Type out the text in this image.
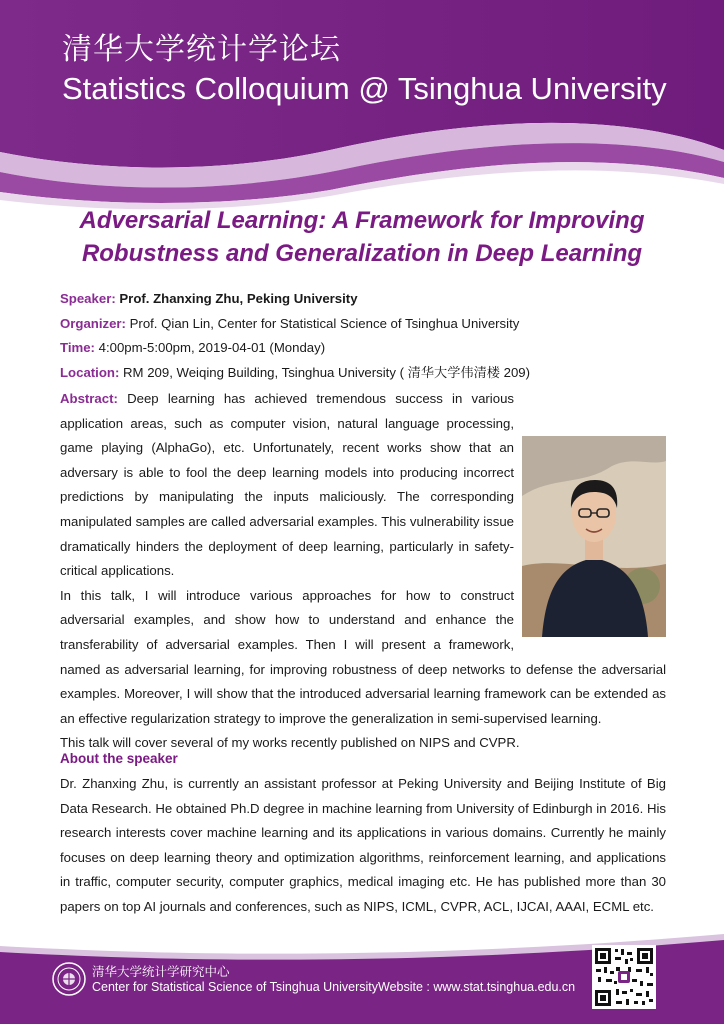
清华大学统计学论坛
Statistics Colloquium @ Tsinghua University
Adversarial Learning: A Framework for Improving
Robustness and Generalization in Deep Learning
Speaker: Prof. Zhanxing Zhu, Peking University
Organizer: Prof. Qian Lin, Center for Statistical Science of Tsinghua University
Time: 4:00pm-5:00pm, 2019-04-01 (Monday)
Location: RM 209, Weiqing Building, Tsinghua University ( 清华大学伟清楼 209)

Abstract: Deep learning has achieved tremendous success in various application areas, such as computer vision, natural language processing, game playing (AlphaGo), etc. Unfortunately, recent works show that an adversary is able to fool the deep learning models into producing incorrect predictions by manipulating the inputs maliciously. The corresponding manipulated samples are called adversarial examples. This vulnerability issue dramatically hinders the deployment of deep learning, particularly in safety-critical applications.

In this talk, I will introduce various approaches for how to construct adversarial examples, and show how to understand and enhance the transferability of adversarial examples. Then I will present a framework, named as adversarial learning, for improving robustness of deep networks to defense the adversarial examples. Moreover, I will show that the introduced adversarial learning framework can be extended as an effective regularization strategy to improve the generalization in semi-supervised learning.

This talk will cover several of my works recently published on NIPS and CVPR.

About the speaker

Dr. Zhanxing Zhu, is currently an assistant professor at Peking University and Beijing Institute of Big Data Research. He obtained Ph.D degree in machine learning from University of Edinburgh in 2016. His research interests cover machine learning and its applications in various domains. Currently he mainly focuses on deep learning theory and optimization algorithms, reinforcement learning, and applications in traffic, computer security, computer graphics, medical imaging etc. He has published more than 30 papers on top AI journals and conferences, such as NIPS, ICML, CVPR, ACL, IJCAI, AAAI, ECML etc.

清华大学统计学研究中心
Center for Statistical Science of Tsinghua University Website : www.stat.tsinghua.edu.cn
